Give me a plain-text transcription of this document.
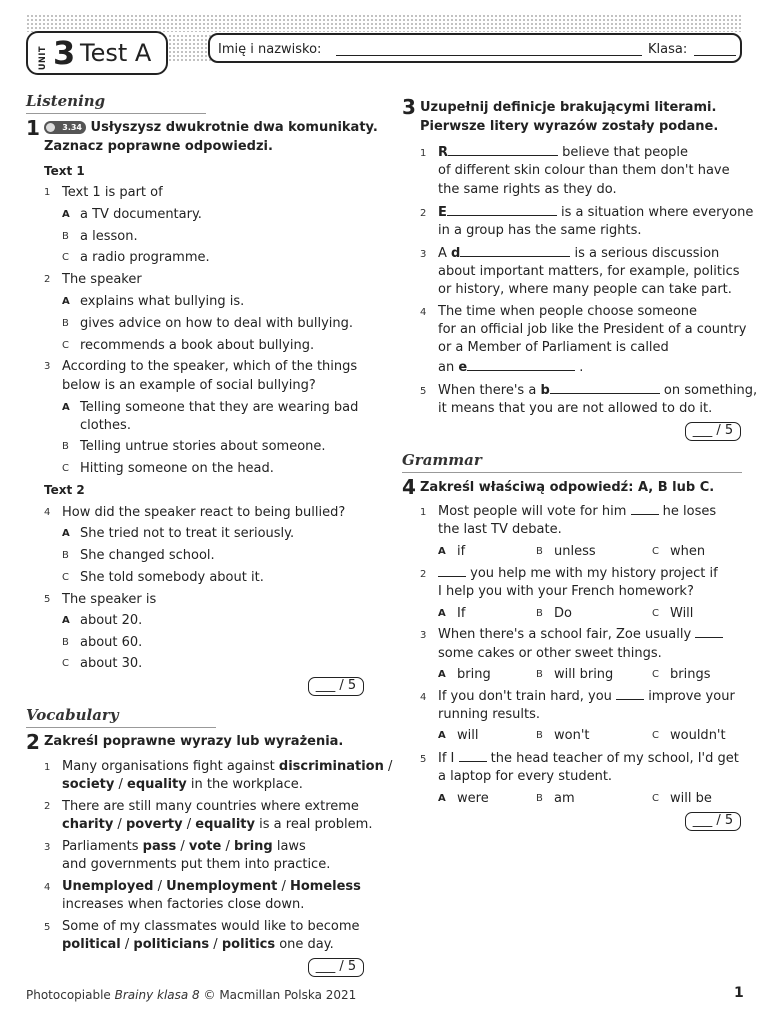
UNIT 3 Test A	Imię i nazwisko:	Klasa:
Listening
1	3.34 Usłyszysz dwukrotnie dwa komunikaty.
Zaznacz poprawne odpowiedzi.
Text 1
1 Text 1 is part of
A a TV documentary.
B a lesson.
C a radio programme.
2 The speaker
A explains what bullying is.
B gives advice on how to deal with bullying.
C recommends a book about bullying.
3 According to the speaker, which of the things
below is an example of social bullying?
A Telling someone that they are wearing bad
clothes.
B Telling untrue stories about someone.
C Hitting someone on the head.
Text 2
4 How did the speaker react to being bullied?
A She tried not to treat it seriously.
B She changed school.
C She told somebody about it.
5 The speaker is
A about 20.
B about 60.
C about 30.
___ / 5
Vocabulary
2 Zakreśl poprawne wyrazy lub wyrażenia.
1 Many organisations fight against discrimination /
society / equality in the workplace.
2 There are still many countries where extreme
charity / poverty / equality is a real problem.
3 Parliaments pass / vote / bring laws
and governments put them into practice.
4 Unemployed / Unemployment / Homeless
increases when factories close down.
5 Some of my classmates would like to become
political / politicians / politics one day.
___ / 5
3 Uzupełnij definicje brakującymi literami.
Pierwsze litery wyrazów zostały podane.
1 R	believe that people
of different skin colour than them don't have
the same rights as they do.
2 E	is a situation where everyone
in a group has the same rights.
3 A d	is a serious discussion
about important matters, for example, politics
or history, where many people can take part.
4 The time when people choose someone
for an official job like the President of a country
or a Member of Parliament is called
an e	.
5 When there's a b	on something,
it means that you are not allowed to do it.
___ / 5
Grammar
4 Zakreśl właściwą odpowiedź: A, B lub C.
1 Most people will vote for him  he loses
the last TV debate.
A if	B unless	C when
2	you help me with my history project if
I help you with your French homework?
A If	B Do	C Will
3 When there's a school fair, Zoe usually
some cakes or other sweet things.
A bring	B will bring	C brings
4 If you don't train hard, you  improve your
running results.
A will	B won't	C wouldn't
5 If I  the head teacher of my school, I'd get
a laptop for every student.
A were	B am	C will be
___ / 5
Photocopiable Brainy klasa 8 © Macmillan Polska 2021	1
